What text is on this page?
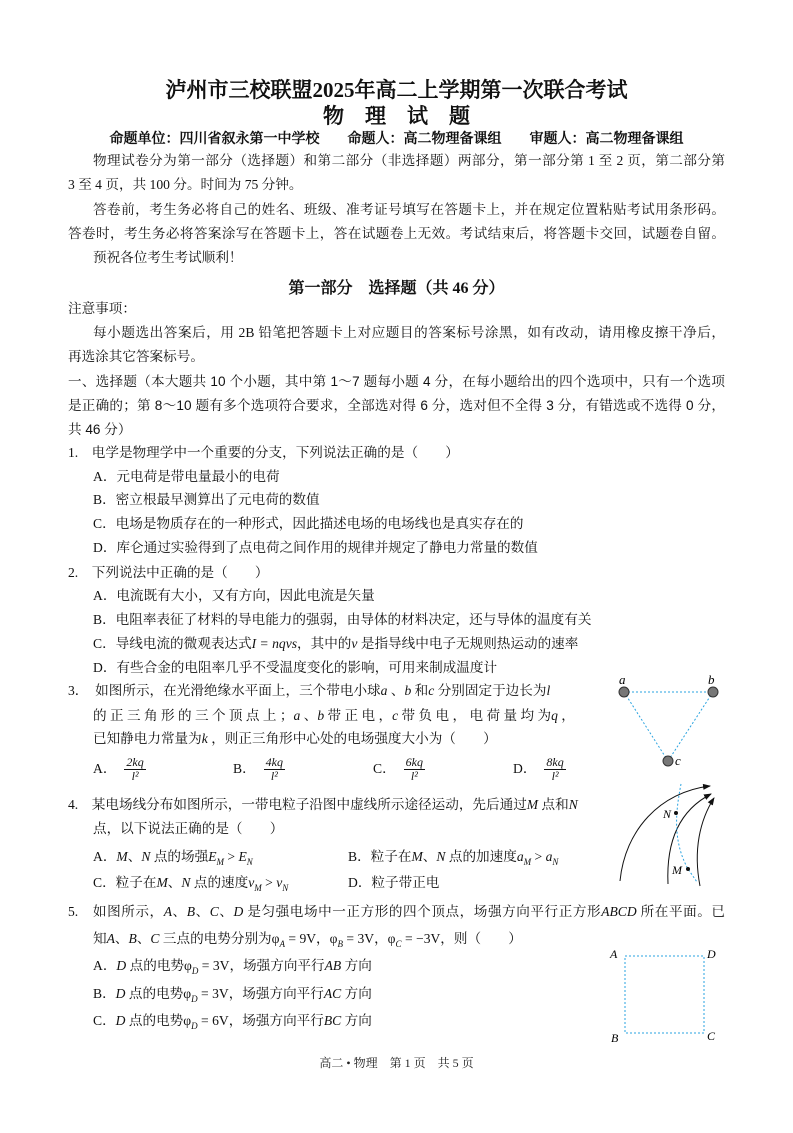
泸州市三校联盟2025年高二上学期第一次联合考试
物　理　试　题
命题单位：四川省叙永第一中学校　　命题人：高二物理备课组　　审题人：高二物理备课组
物理试卷分为第一部分（选择题）和第二部分（非选择题）两部分，第一部分第 1 至 2 页，第二部分第
3 至 4 页，共 100 分。时间为 75 分钟。
答卷前，考生务必将自己的姓名、班级、准考证号填写在答题卡上，并在规定位置粘贴考试用条形码。
答卷时，考生务必将答案涂写在答题卡上，答在试题卷上无效。考试结束后，将答题卡交回，试题卷自留。
预祝各位考生考试顺利！
第一部分　选择题（共 46 分）
注意事项：
每小题选出答案后，用 2B 铅笔把答题卡上对应题目的答案标号涂黑，如有改动，请用橡皮擦干净后，
再选涂其它答案标号。
一、选择题（本大题共 10 个小题，其中第 1～7 题每小题 4 分，在每小题给出的四个选项中，只有一个选项
是正确的；第 8～10 题有多个选项符合要求，全部选对得 6 分，选对但不全得 3 分，有错选或不选得 0 分，
共 46 分）
1.　电学是物理学中一个重要的分支，下列说法正确的是（　　）
A．元电荷是带电量最小的电荷
B．密立根最早测算出了元电荷的数值
C．电场是物质存在的一种形式，因此描述电场的电场线也是真实存在的
D．库仑通过实验得到了点电荷之间作用的规律并规定了静电力常量的数值
2.　下列说法中正确的是（　　）
A．电流既有大小，又有方向，因此电流是矢量
B．电阻率表征了材料的导电能力的强弱，由导体的材料决定，还与导体的温度有关
C．导线电流的微观表达式I = nqvs，其中的v 是指导线中电子无规则热运动的速率
D．有些合金的电阻率几乎不受温度变化的影响，可用来制成温度计
3．　如图所示，在光滑绝缘水平面上，三个带电小球a 、b 和c 分别固定于边长为l
的 正 三 角 形 的 三 个 顶 点 上 ；a 、b 带 正 电 ，c 带 负 电 ， 电 荷 量 均 为q ，
已知静电力常量为k ，则正三角形中心处的电场强度大小为（　　）
A． $\frac{2kq}{\text{l²}}$	B． $\frac{4kq}{\text{l²}}$	C． $\frac{6kq}{\text{l²}}$	D． $\frac{8kq}{\text{l²}}$
a	b
c
4.　某电场线分布如图所示，一带电粒子沿图中虚线所示途径运动，先后通过M 点和N
点，以下说法正确的是（　　）
A．M、N 点的场强$E_M > E_N$	B．粒子在M、N 点的加速度$a_M > a_N$
C．粒子在M、N 点的速度$v_M > v_N$	D．粒子带正电
N
M
5.　如图所示，A、B、C、D 是匀强电场中一正方形的四个顶点，场强方向平行正方形ABCD 所在平面。已
知A、B、C 三点的电势分别为$\varphi_A = 9V$，$\varphi_B = 3V$，$\varphi_C = -3V$，则（　　）
A．D 点的电势$\varphi_D = 3V$，场强方向平行AB 方向
B．D 点的电势$\varphi_D = 3V$，场强方向平行AC 方向
C．D 点的电势$\varphi_D = 6V$，场强方向平行BC 方向
A	D
B	C
高二 • 物理　第 1 页　共 5 页
